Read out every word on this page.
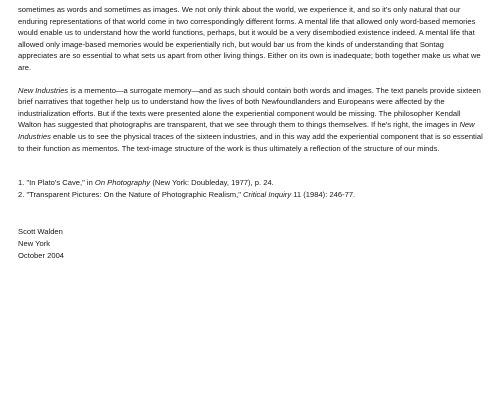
sometimes as words and sometimes as images. We not only think about the world, we experience it, and so it's only natural that our enduring representations of that world come in two correspondingly different forms. A mental life that allowed only word-based memories would enable us to understand how the world functions, perhaps, but it would be a very disembodied existence indeed. A mental life that allowed only image-based memories would be experientially rich, but would bar us from the kinds of understanding that Sontag appreciates are so essential to what sets us apart from other living things. Either on its own is inadequate; both together make us what we are.

New Industries is a memento—a surrogate memory—and as such should contain both words and images. The text panels provide sixteen brief narratives that together help us to understand how the lives of both Newfoundlanders and Europeans were affected by the industrialization efforts. But if the texts were presented alone the experiential component would be missing. The philosopher Kendall Walton has suggested that photographs are transparent, that we see through them to things themselves. If he's right, the images in New Industries enable us to see the physical traces of the sixteen industries, and in this way add the experiential component that is so essential to their function as mementos. The text-image structure of the work is thus ultimately a reflection of the structure of our minds.

1. "In Plato's Cave," in On Photography (New York: Doubleday, 1977), p. 24.
2. "Transparent Pictures: On the Nature of Photographic Realism," Critical Inquiry 11 (1984): 246-77.
Scott Walden
New York
October 2004
